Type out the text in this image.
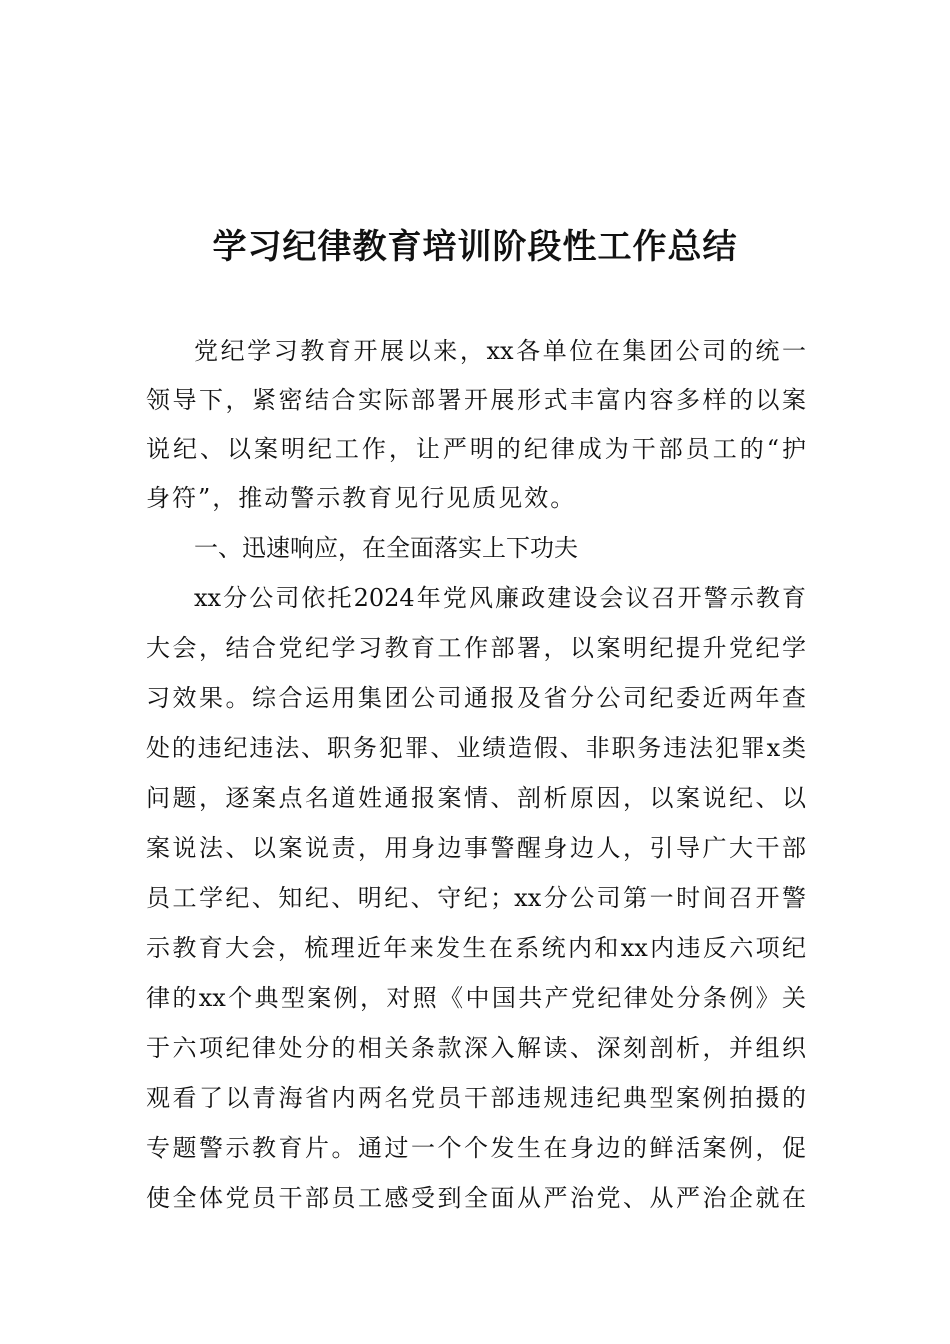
学习纪律教育培训阶段性工作总结

党纪学习教育开展以来，xx各单位在集团公司的统一

领导下，紧密结合实际部署开展形式丰富内容多样的以案

说纪、以案明纪工作，让严明的纪律成为干部员工的“护

身符”，推动警示教育见行见质见效。

一、迅速响应，在全面落实上下功夫

xx分公司依托2024年党风廉政建设会议召开警示教育

大会，结合党纪学习教育工作部署，以案明纪提升党纪学

习效果。综合运用集团公司通报及省分公司纪委近两年查

处的违纪违法、职务犯罪、业绩造假、非职务违法犯罪x类

问题，逐案点名道姓通报案情、剖析原因，以案说纪、以

案说法、以案说责，用身边事警醒身边人，引导广大干部

员工学纪、知纪、明纪、守纪；xx分公司第一时间召开警

示教育大会，梳理近年来发生在系统内和xx内违反六项纪

律的xx个典型案例，对照《中国共产党纪律处分条例》关

于六项纪律处分的相关条款深入解读、深刻剖析，并组织

观看了以青海省内两名党员干部违规违纪典型案例拍摄的

专题警示教育片。通过一个个发生在身边的鲜活案例，促

使全体党员干部员工感受到全面从严治党、从严治企就在
